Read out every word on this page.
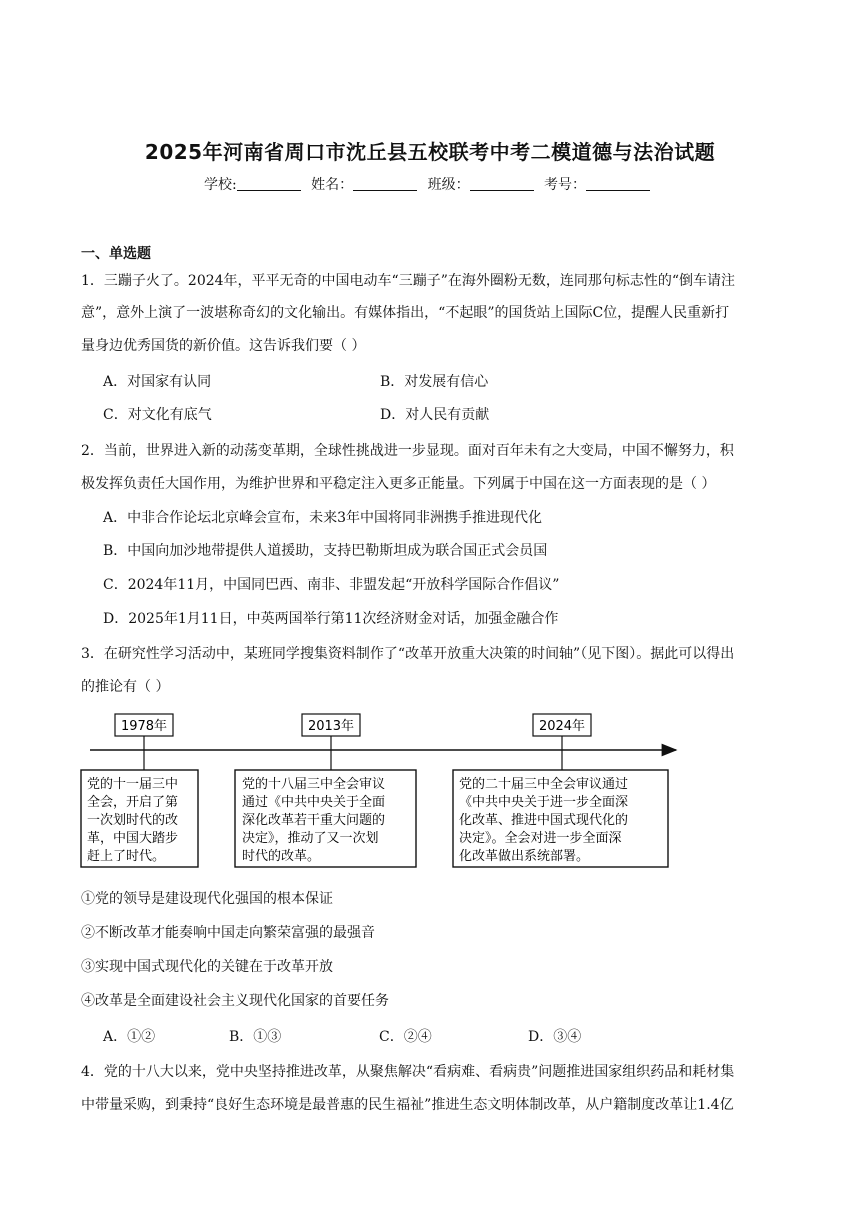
2025年河南省周口市沈丘县五校联考中考二模道德与法治试题
学校:	姓名：	班级：	考号：
一、单选题
1．三蹦子火了。2024年，平平无奇的中国电动车“三蹦子”在海外圈粉无数，连同那句标志性的“倒车请注
意”，意外上演了一波堪称奇幻的文化输出。有媒体指出，“不起眼”的国货站上国际C位，提醒人民重新打
量身边优秀国货的新价值。这告诉我们要（ ）
A．对国家有认同	B．对发展有信心
C．对文化有底气	D．对人民有贡献
2．当前，世界进入新的动荡变革期，全球性挑战进一步显现。面对百年未有之大变局，中国不懈努力，积
极发挥负责任大国作用，为维护世界和平稳定注入更多正能量。下列属于中国在这一方面表现的是（ ）
A．中非合作论坛北京峰会宣布，未来3年中国将同非洲携手推进现代化
B．中国向加沙地带提供人道援助，支持巴勒斯坦成为联合国正式会员国
C．2024年11月，中国同巴西、南非、非盟发起“开放科学国际合作倡议”
D．2025年1月11日，中英两国举行第11次经济财金对话，加强金融合作
3．在研究性学习活动中，某班同学搜集资料制作了“改革开放重大决策的时间轴”（见下图）。据此可以得出
的推论有（ ）
1978年
党的十一届三中
全会，开启了第
一次划时代的改
革，中国大踏步
赶上了时代。
2013年
党的十八届三中全会审议
通过《中共中央关于全面
深化改革若干重大问题的
决定》，推动了又一次划
时代的改革。
2024年
党的二十届三中全会审议通过
《中共中央关于进一步全面深
化改革、推进中国式现代化的
决定》。全会对进一步全面深
化改革做出系统部署。
①党的领导是建设现代化强国的根本保证
②不断改革才能奏响中国走向繁荣富强的最强音
③实现中国式现代化的关键在于改革开放
④改革是全面建设社会主义现代化国家的首要任务
A．①②	B．①③	C．②④	D．③④
4．党的十八大以来，党中央坚持推进改革，从聚焦解决“看病难、看病贵”问题推进国家组织药品和耗材集
中带量采购，到秉持“良好生态环境是最普惠的民生福祉”推进生态文明体制改革，从户籍制度改革让1.4亿
